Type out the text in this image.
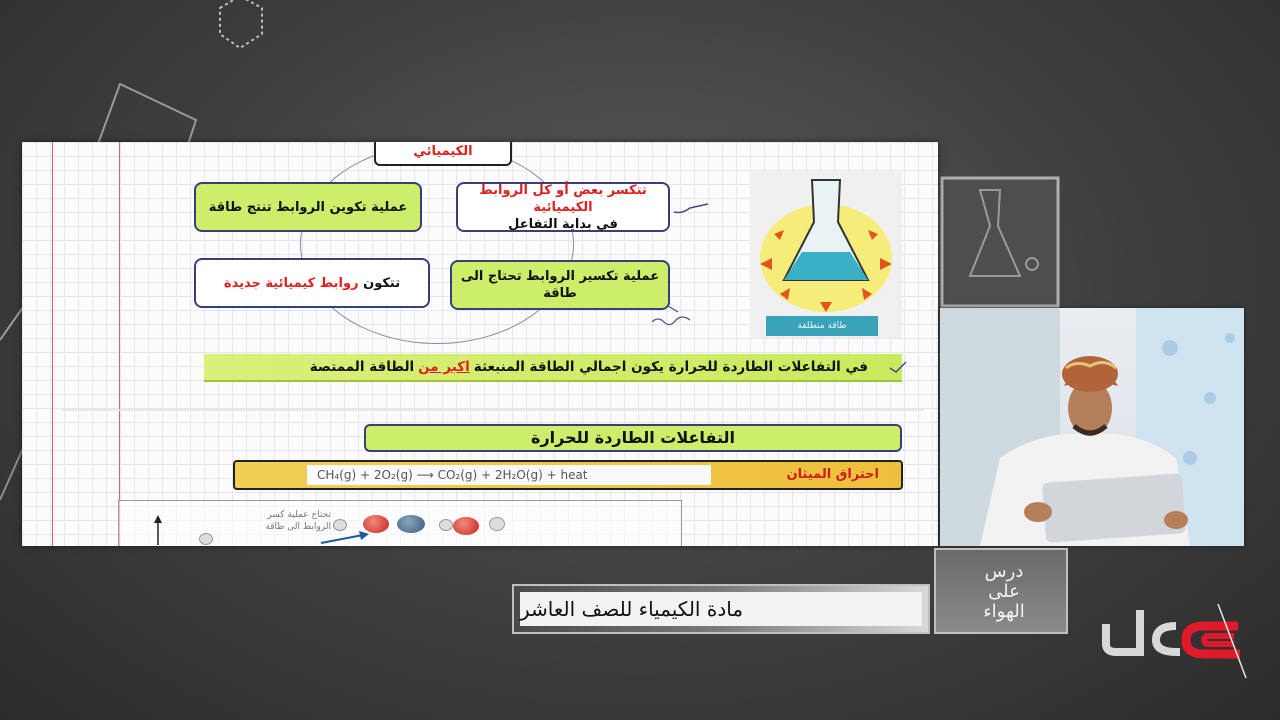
الكيميائي
عملية تكوين الروابط تنتج طاقة
تتكسر بعض أو كل الروابط الكيميائية
في بداية التفاعل
تتكون روابط كيميائية جديدة	عملية تكسير الروابط تحتاج الى طاقة
طاقة منطلقة
في التفاعلات الطاردة للحرارة يكون اجمالي الطاقة المنبعثة
اكبر من
الطاقة الممتصة
التفاعلات الطاردة للحرارة
CH₄(g) + 2O₂(g) ⟶ CO₂(g) + 2H₂O(g) + heat	احتراق الميثان
تحتاج عملية كسر الروابط الى طاقة
درس
على
الهواء
مادة الكيمياء للصف العاشر
